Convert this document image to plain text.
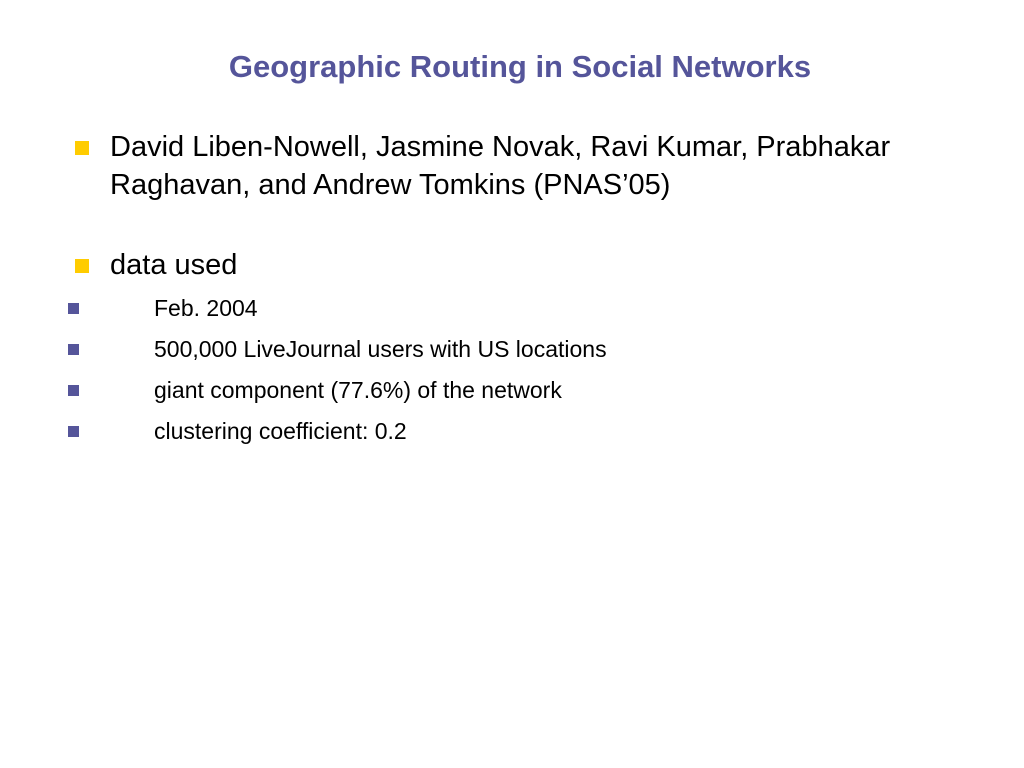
Geographic Routing in Social Networks
David Liben-Nowell, Jasmine Novak, Ravi Kumar, Prabhakar Raghavan, and Andrew Tomkins (PNAS’05)
data used
Feb. 2004
500,000 LiveJournal users with US locations
giant component (77.6%) of the network
clustering coefficient: 0.2
